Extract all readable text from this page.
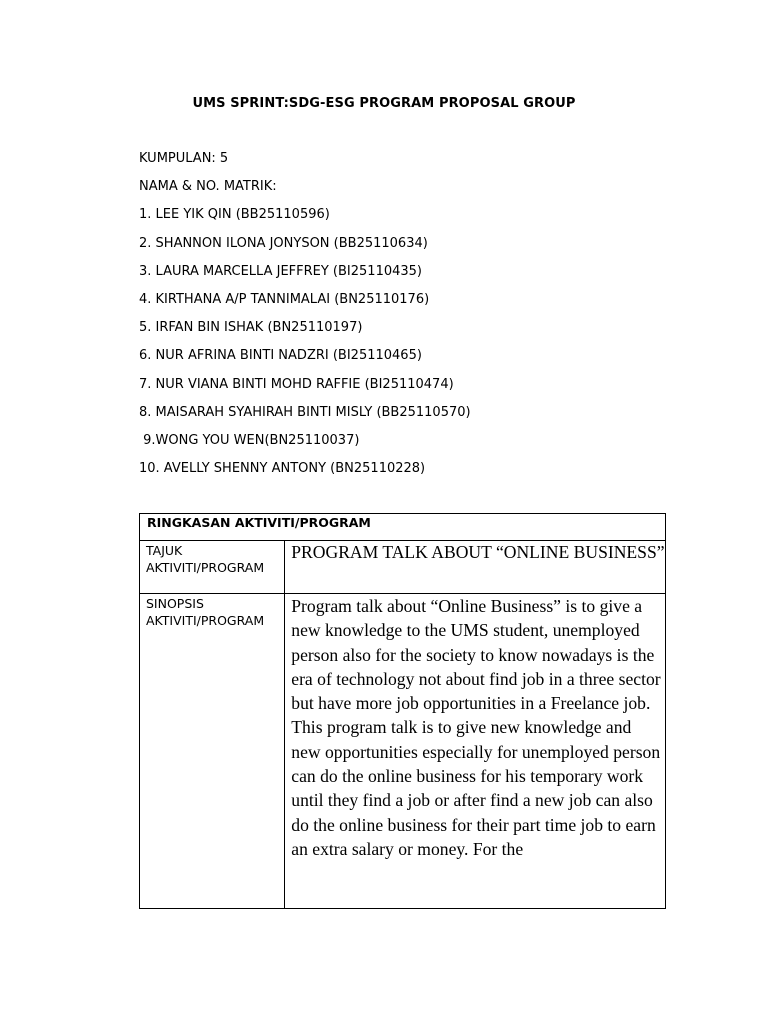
UMS SPRINT:SDG-ESG PROGRAM PROPOSAL GROUP
KUMPULAN: 5
NAMA & NO. MATRIK:
1. LEE YIK QIN (BB25110596)
2. SHANNON ILONA JONYSON (BB25110634)
3. LAURA MARCELLA JEFFREY (BI25110435)
4. KIRTHANA A/P TANNIMALAI (BN25110176)
5. IRFAN BIN ISHAK (BN25110197)
6. NUR AFRINA BINTI NADZRI (BI25110465)
7. NUR VIANA BINTI MOHD RAFFIE (BI25110474)
8. MAISARAH SYAHIRAH BINTI MISLY (BB25110570)
9.WONG YOU WEN(BN25110037)
10. AVELLY SHENNY ANTONY (BN25110228)
RINGKASAN AKTIVITI/PROGRAM	
TAJUK AKTIVITI/PROGRAM	PROGRAM TALK ABOUT “ONLINE BUSINESS”
SINOPSIS AKTIVITI/PROGRAM	Program talk about “Online Business” is to give a new knowledge to the UMS student, unemployed person also for the society to know nowadays is the era of technology not about find job in a three sector but have more job opportunities in a Freelance job. This program talk is to give new knowledge and new opportunities especially for unemployed person can do the online business for his temporary work until they find a job or after find a new job can also do the online business for their part time job to earn an extra salary or money. For the
